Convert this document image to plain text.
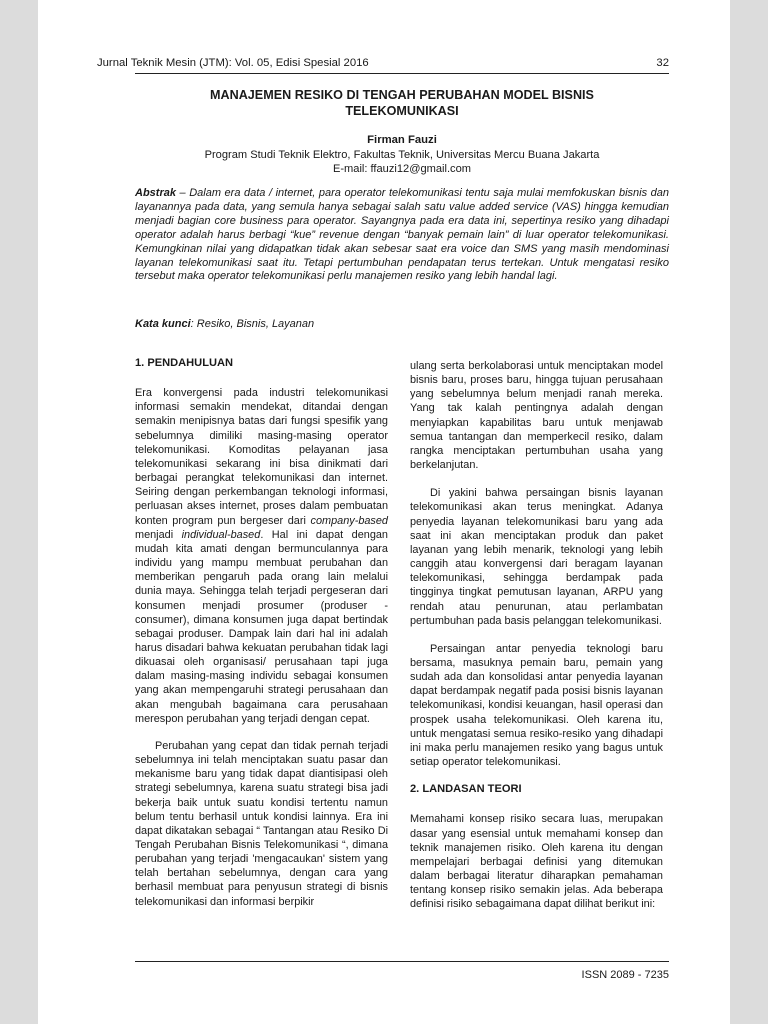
Jurnal Teknik Mesin (JTM): Vol. 05, Edisi Spesial 2016	32
MANAJEMEN RESIKO DI TENGAH PERUBAHAN MODEL BISNIS
TELEKOMUNIKASI
Firman Fauzi
Program Studi Teknik Elektro, Fakultas Teknik, Universitas Mercu Buana Jakarta
E-mail: ffauzi12@gmail.com
Abstrak – Dalam era data / internet, para operator telekomunikasi tentu saja mulai memfokuskan bisnis dan layanannya pada data, yang semula hanya sebagai salah satu value added service (VAS) hingga kemudian menjadi bagian core business para operator. Sayangnya pada era data ini, sepertinya resiko yang dihadapi operator adalah harus berbagi “kue” revenue dengan “banyak pemain lain” di luar operator telekomunikasi. Kemungkinan nilai yang didapatkan tidak akan sebesar saat era voice dan SMS yang masih mendominasi layanan telekomunikasi saat itu. Tetapi pertumbuhan pendapatan terus tertekan. Untuk mengatasi resiko tersebut maka operator telekomunikasi perlu manajemen resiko yang lebih handal lagi.
Kata kunci: Resiko, Bisnis, Layanan

1. PENDAHULUAN

Era konvergensi pada industri telekomunikasi informasi semakin mendekat, ditandai dengan semakin menipisnya batas dari fungsi spesifik yang sebelumnya dimiliki masing-masing operator telekomunikasi. Komoditas pelayanan jasa telekomunikasi sekarang ini bisa dinikmati dari berbagai perangkat telekomunikasi dan internet. Seiring dengan perkembangan teknologi informasi, perluasan akses internet, proses dalam pembuatan konten program pun bergeser dari company-based menjadi individual-based. Hal ini dapat dengan mudah kita amati dengan bermunculannya para individu yang mampu membuat perubahan dan memberikan pengaruh pada orang lain melalui dunia maya. Sehingga telah terjadi pergeseran dari konsumen menjadi prosumer (produser - consumer), dimana konsumen juga dapat bertindak sebagai produser. Dampak lain dari hal ini adalah harus disadari bahwa kekuatan perubahan tidak lagi dikuasai oleh organisasi/ perusahaan tapi juga dalam masing-masing individu sebagai konsumen yang akan mempengaruhi strategi perusahaan dan akan mengubah bagaimana cara perusahaan merespon perubahan yang terjadi dengan cepat.

Perubahan yang cepat dan tidak pernah terjadi sebelumnya ini telah menciptakan suatu pasar dan mekanisme baru yang tidak dapat diantisipasi oleh strategi sebelumnya, karena suatu strategi bisa jadi bekerja baik untuk suatu kondisi tertentu namun belum tentu berhasil untuk kondisi lainnya. Era ini dapat dikatakan sebagai “ Tantangan atau Resiko Di Tengah Perubahan Bisnis Telekomunikasi “, dimana perubahan yang terjadi 'mengacaukan' sistem yang telah bertahan sebelumnya, dengan cara yang berhasil membuat para penyusun strategi di bisnis telekomunikasi dan informasi berpikir

ulang serta berkolaborasi untuk menciptakan model bisnis baru, proses baru, hingga tujuan perusahaan yang sebelumnya belum menjadi ranah mereka. Yang tak kalah pentingnya adalah dengan menyiapkan kapabilitas baru untuk menjawab semua tantangan dan memperkecil resiko, dalam rangka menciptakan pertumbuhan usaha yang berkelanjutan.

Di yakini bahwa persaingan bisnis layanan telekomunikasi akan terus meningkat. Adanya penyedia layanan telekomunikasi baru yang ada saat ini akan menciptakan produk dan paket layanan yang lebih menarik, teknologi yang lebih canggih atau konvergensi dari beragam layanan telekomunikasi, sehingga berdampak pada tingginya tingkat pemutusan layanan, ARPU yang rendah atau penurunan, atau perlambatan pertumbuhan pada basis pelanggan telekomunikasi.

Persaingan antar penyedia teknologi baru bersama, masuknya pemain baru, pemain yang sudah ada dan konsolidasi antar penyedia layanan dapat berdampak negatif pada posisi bisnis layanan telekomunikasi, kondisi keuangan, hasil operasi dan prospek usaha telekomunikasi. Oleh karena itu, untuk mengatasi semua resiko-resiko yang dihadapi ini maka perlu manajemen resiko yang bagus untuk setiap operator telekomunikasi.

2. LANDASAN TEORI

Memahami konsep risiko secara luas, merupakan dasar yang esensial untuk memahami konsep dan teknik manajemen risiko. Oleh karena itu dengan mempelajari berbagai definisi yang ditemukan dalam berbagai literatur diharapkan pemahaman tentang konsep risiko semakin jelas. Ada beberapa definisi risiko sebagaimana dapat dilihat berikut ini:

ISSN 2089 - 7235
